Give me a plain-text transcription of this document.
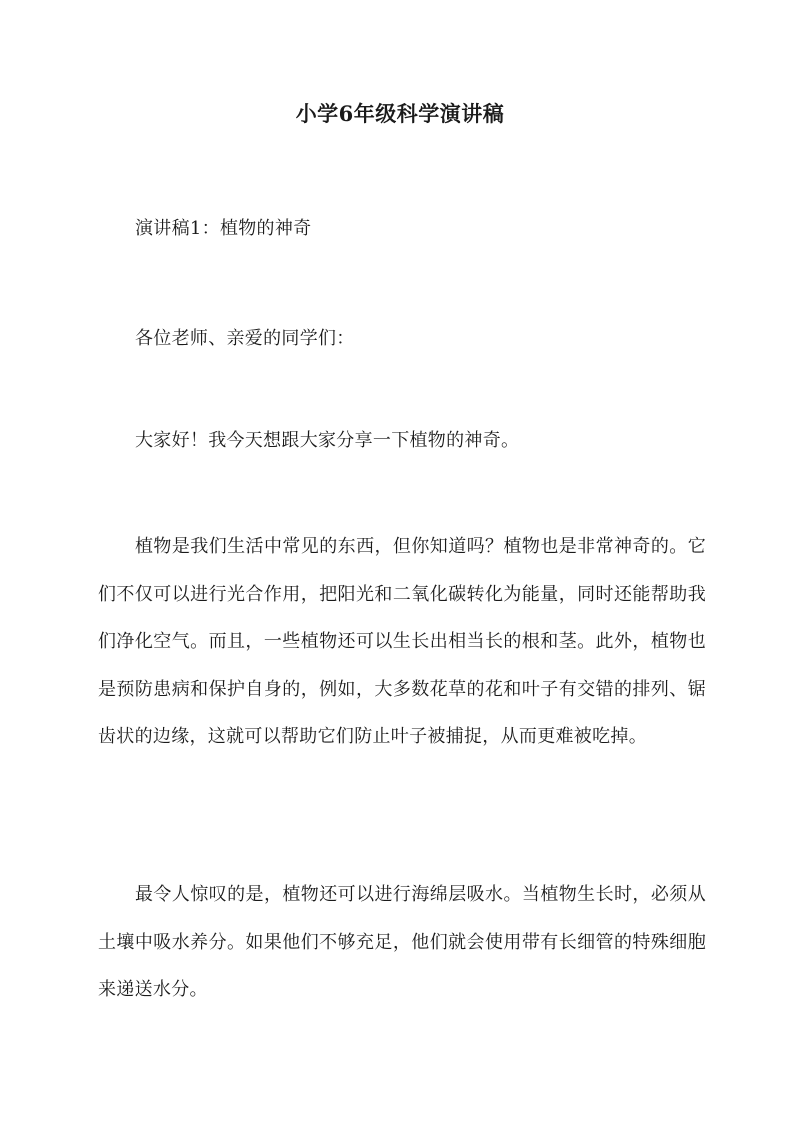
小学6年级科学演讲稿

演讲稿1：植物的神奇

各位老师、亲爱的同学们：

大家好！我今天想跟大家分享一下植物的神奇。

植物是我们生活中常见的东西，但你知道吗？植物也是非常神奇的。它们不仅可以进行光合作用，把阳光和二氧化碳转化为能量，同时还能帮助我们净化空气。而且，一些植物还可以生长出相当长的根和茎。此外，植物也是预防患病和保护自身的，例如，大多数花草的花和叶子有交错的排列、锯齿状的边缘，这就可以帮助它们防止叶子被捕捉，从而更难被吃掉。

最令人惊叹的是，植物还可以进行海绵层吸水。当植物生长时，必须从土壤中吸水养分。如果他们不够充足，他们就会使用带有长细管的特殊细胞来递送水分。
